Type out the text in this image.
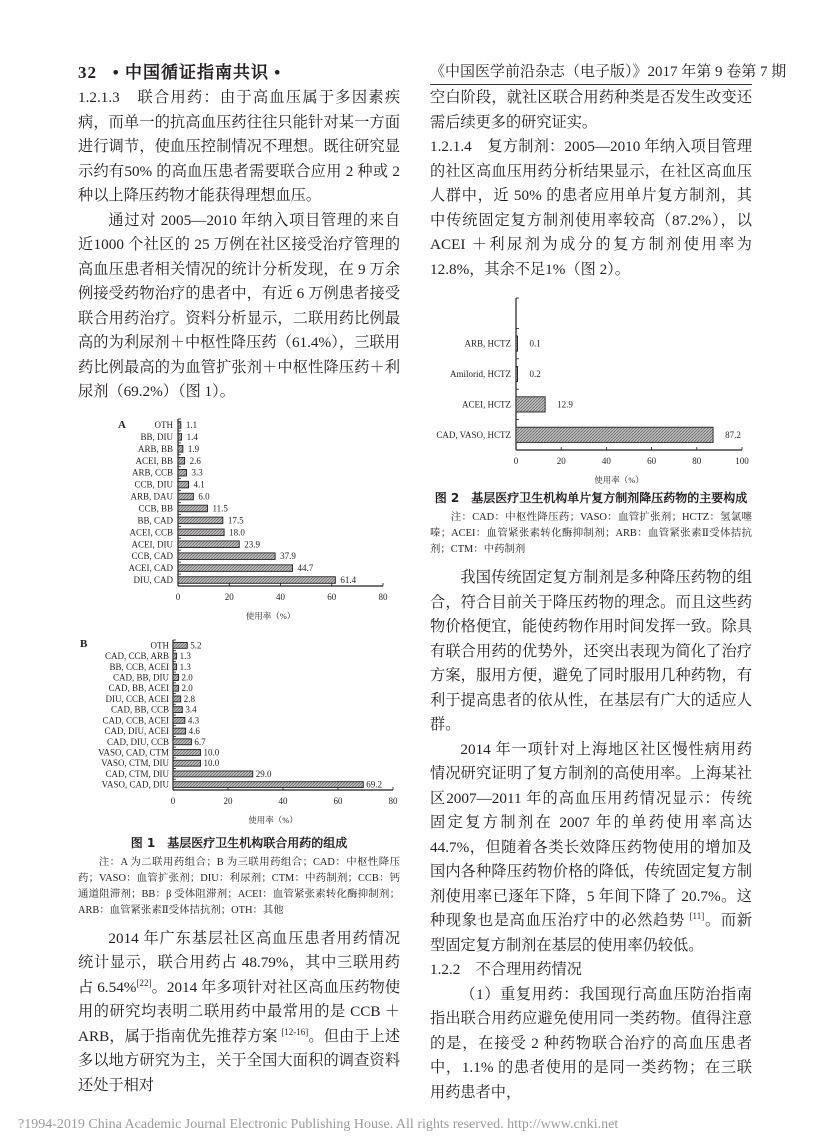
32 • 中国循证指南共识 •	《中国医学前沿杂志（电子版）》2017 年第 9 卷第 7 期

1.2.1.3　联合用药：由于高血压属于多因素疾病，而单一的抗高血压药往往只能针对某一方面进行调节，使血压控制情况不理想。既往研究显示约有50% 的高血压患者需要联合应用 2 种或 2 种以上降压药物才能获得理想血压。

通过对 2005—2010 年纳入项目管理的来自近1000 个社区的 25 万例在社区接受治疗管理的高血压患者相关情况的统计分析发现，在 9 万余例接受药物治疗的患者中，有近 6 万例患者接受联合用药治疗。资料分析显示，二联用药比例最高的为利尿剂＋中枢性降压药（61.4%），三联用药比例最高的为血管扩张剂＋中枢性降压药＋利尿剂（69.2%）（图 1）。

0	20	40	60	80
使用率（%）
A	OTH 1.1
BB, DIU 1.4
ARB, BB 1.9
ACEI, BB 2.6
ARB, CCB 3.3
CCB, DIU 4.1
ARB, DAU	6.0
CCB, BB	11.5
BB, CAD	17.5
ACEI, CCB	18.0
ACEI, DIU	23.9
CCB, CAD	37.9
ACEI, CAD	44.7
DIU, CAD	61.4
0	20	40	60	80
使用率（%）
B	OTH 5.2
CAD, CCB, ARB 1.3
BB, CCB, ACEI 1.3
CAD, BB, DIU 2.0
CAD, BB, ACEI 2.0
DIU, CCB, ACEI 2.8
CAD, BB, CCB 3.4
CAD, CCB, ACEI 4.3
CAD, DIU, ACEI 4.6
CAD, DIU, CCB	6.7
VASO, CAD, CTM	10.0
VASO, CTM, DIU	10.0
CAD, CTM, DIU	29.0
VASO, CAD, DIU	69.2
图 1　基层医疗卫生机构联合用药的组成
注：A 为二联用药组合；B 为三联用药组合；CAD：中枢性降压药；VASO：血管扩张剂；DIU：利尿剂；CTM：中药制剂；CCB：钙通道阻滞剂；BB：β 受体阻滞剂；ACEI：血管紧张素转化酶抑制剂；ARB：血管紧张素Ⅱ受体拮抗剂；OTH：其他

2014 年广东基层社区高血压患者用药情况统计显示，联合用药占 48.79%，其中三联用药占 6.54%[22]。2014 年多项针对社区高血压药物使用的研究均表明二联用药中最常用的是 CCB ＋ ARB，属于指南优先推荐方案 [12-16]。但由于上述多以地方研究为主，关于全国大面积的调查资料还处于相对

空白阶段，就社区联合用药种类是否发生改变还需后续更多的研究证实。

1.2.1.4　复方制剂：2005—2010 年纳入项目管理的社区高血压用药分析结果显示，在社区高血压人群中，近 50% 的患者应用单片复方制剂，其中传统固定复方制剂使用率较高（87.2%），以 ACEI ＋利尿剂为成分的复方制剂使用率为 12.8%，其余不足1%（图 2）。

0	20	40	60	80	100
使用率（%）
ARB, HCTZ 0.1
Amilorid, HCTZ 0.2
ACEI, HCTZ	12.9
CAD, VASO, HCTZ	87.2
图 2　基层医疗卫生机构单片复方制剂降压药物的主要构成
注：CAD：中枢性降压药；VASO：血管扩张剂；HCTZ：氢氯噻嗪；ACEI：血管紧张素转化酶抑制剂；ARB：血管紧张素Ⅱ受体拮抗剂；CTM：中药制剂

我国传统固定复方制剂是多种降压药物的组合，符合目前关于降压药物的理念。而且这些药物价格便宜，能使药物作用时间发挥一致。除具有联合用药的优势外，还突出表现为简化了治疗方案，服用方便，避免了同时服用几种药物，有利于提高患者的依从性，在基层有广大的适应人群。

2014 年一项针对上海地区社区慢性病用药情况研究证明了复方制剂的高使用率。上海某社区2007—2011 年的高血压用药情况显示：传统固定复方制剂在 2007 年的单药使用率高达 44.7%，但随着各类长效降压药物使用的增加及国内各种降压药物价格的降低，传统固定复方制剂使用率已逐年下降，5 年间下降了 20.7%。这种现象也是高血压治疗中的必然趋势 [11]。而新型固定复方制剂在基层的使用率仍较低。

1.2.2　不合理用药情况

（1）重复用药：我国现行高血压防治指南指出联合用药应避免使用同一类药物。值得注意的是，在接受 2 种药物联合治疗的高血压患者中，1.1% 的患者使用的是同一类药物；在三联用药患者中，

?1994-2019 China Academic Journal Electronic Publishing House. All rights reserved. http://www.cnki.net
